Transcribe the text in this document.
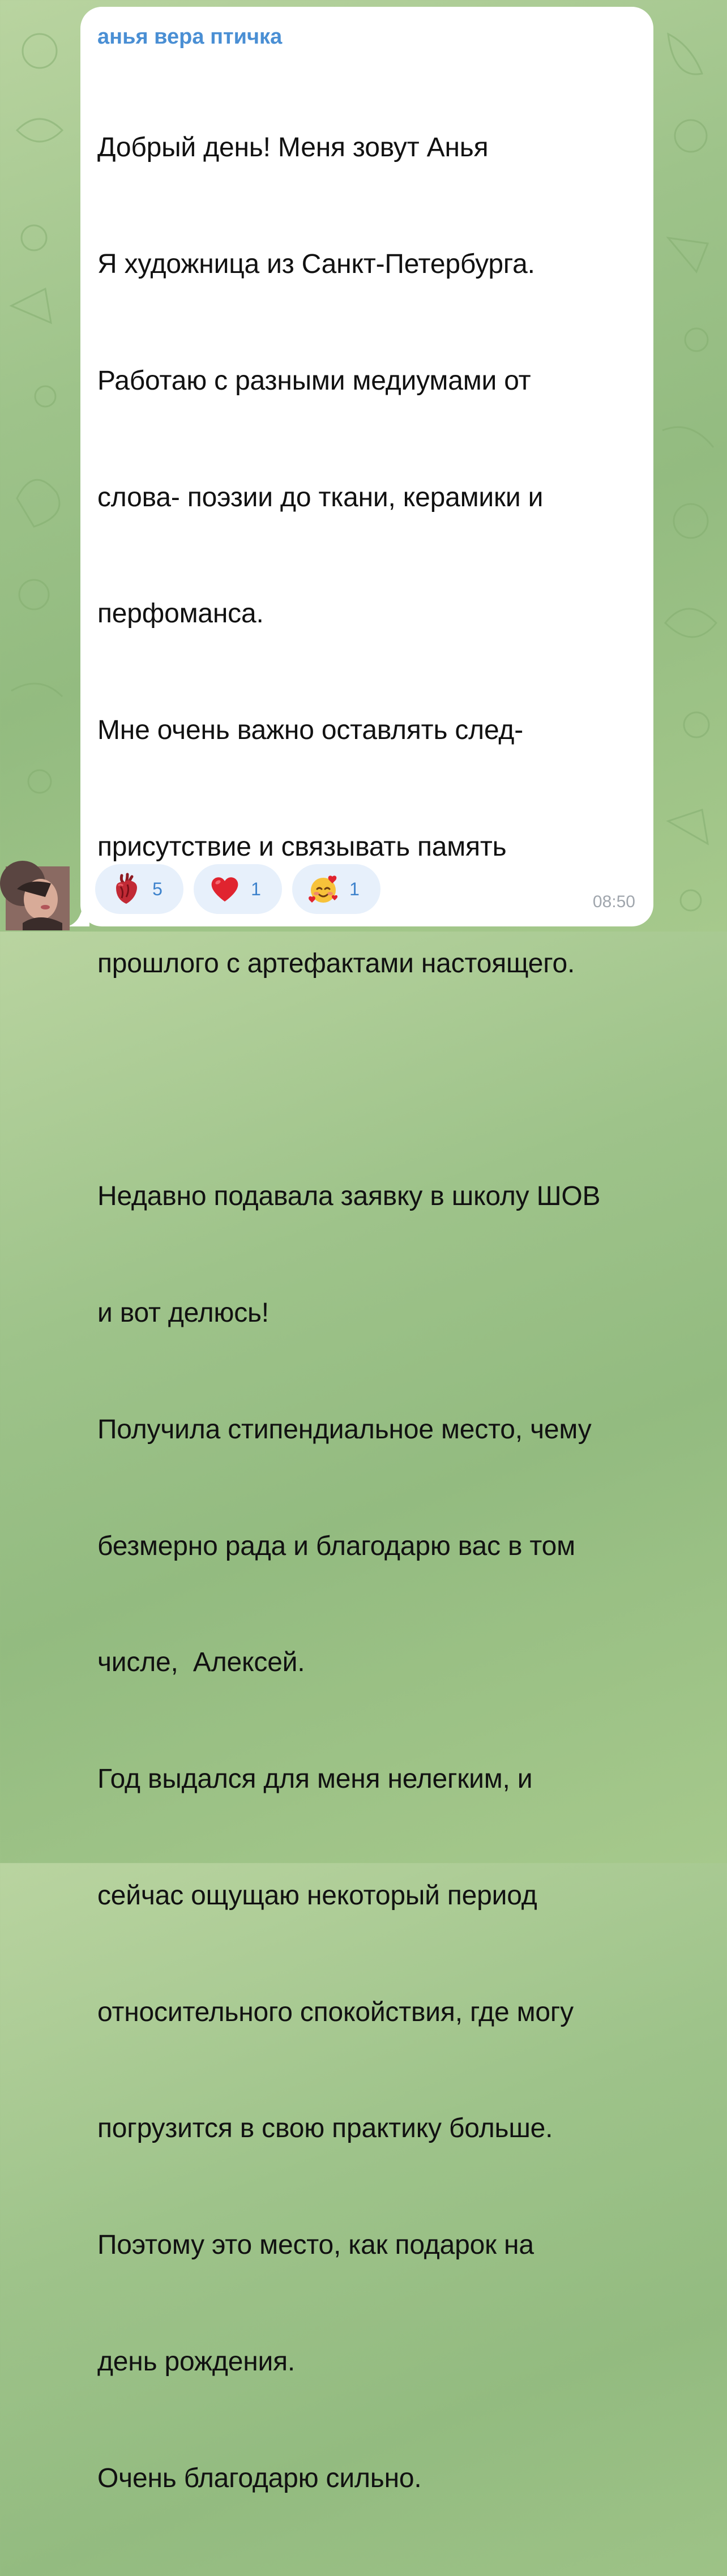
анья вера птичка

Добрый день! Меня зовут Анья

Я художница из Санкт-Петербурга.

Работаю с разными медиумами от

слова- поэзии до ткани, керамики и

перфоманса.

Мне очень важно оставлять след-

присутствие и связывать память

прошлого с артефактами настоящего.

Недавно подавала заявку в школу ШОВ

и вот делюсь!

Получила стипендиальное место, чему

безмерно рада и благодарю вас в том

числе,  Алексей.

Год выдался для меня нелегким, и

сейчас ощущаю некоторый период

относительного спокойствия, где могу

погрузится в свою практику больше.

Поэтому это место, как подарок на

день рождения.

Очень благодарю сильно.

5	1	1
08:50
